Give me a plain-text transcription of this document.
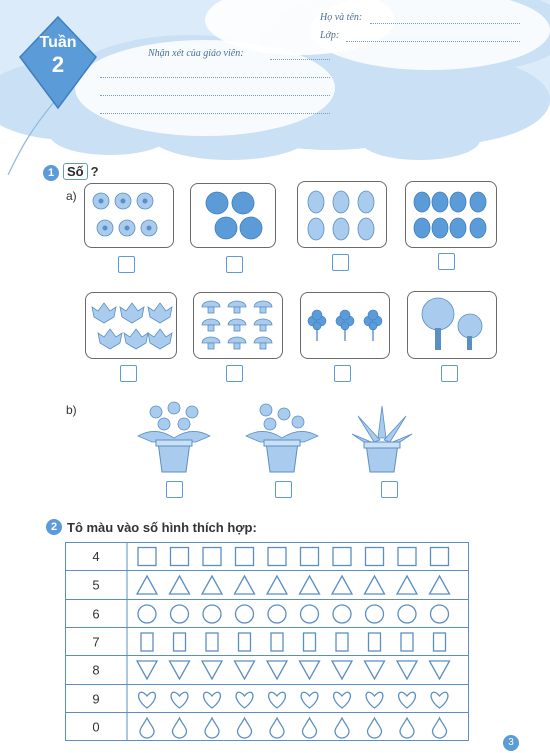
Tuần
2
Họ và tên:
Lớp:
Nhận xét của giáo viên:
1 Số ?
a)
b)
2 Tô màu vào số hình thích hợp:
4
5
6
7
8
9
0
3
